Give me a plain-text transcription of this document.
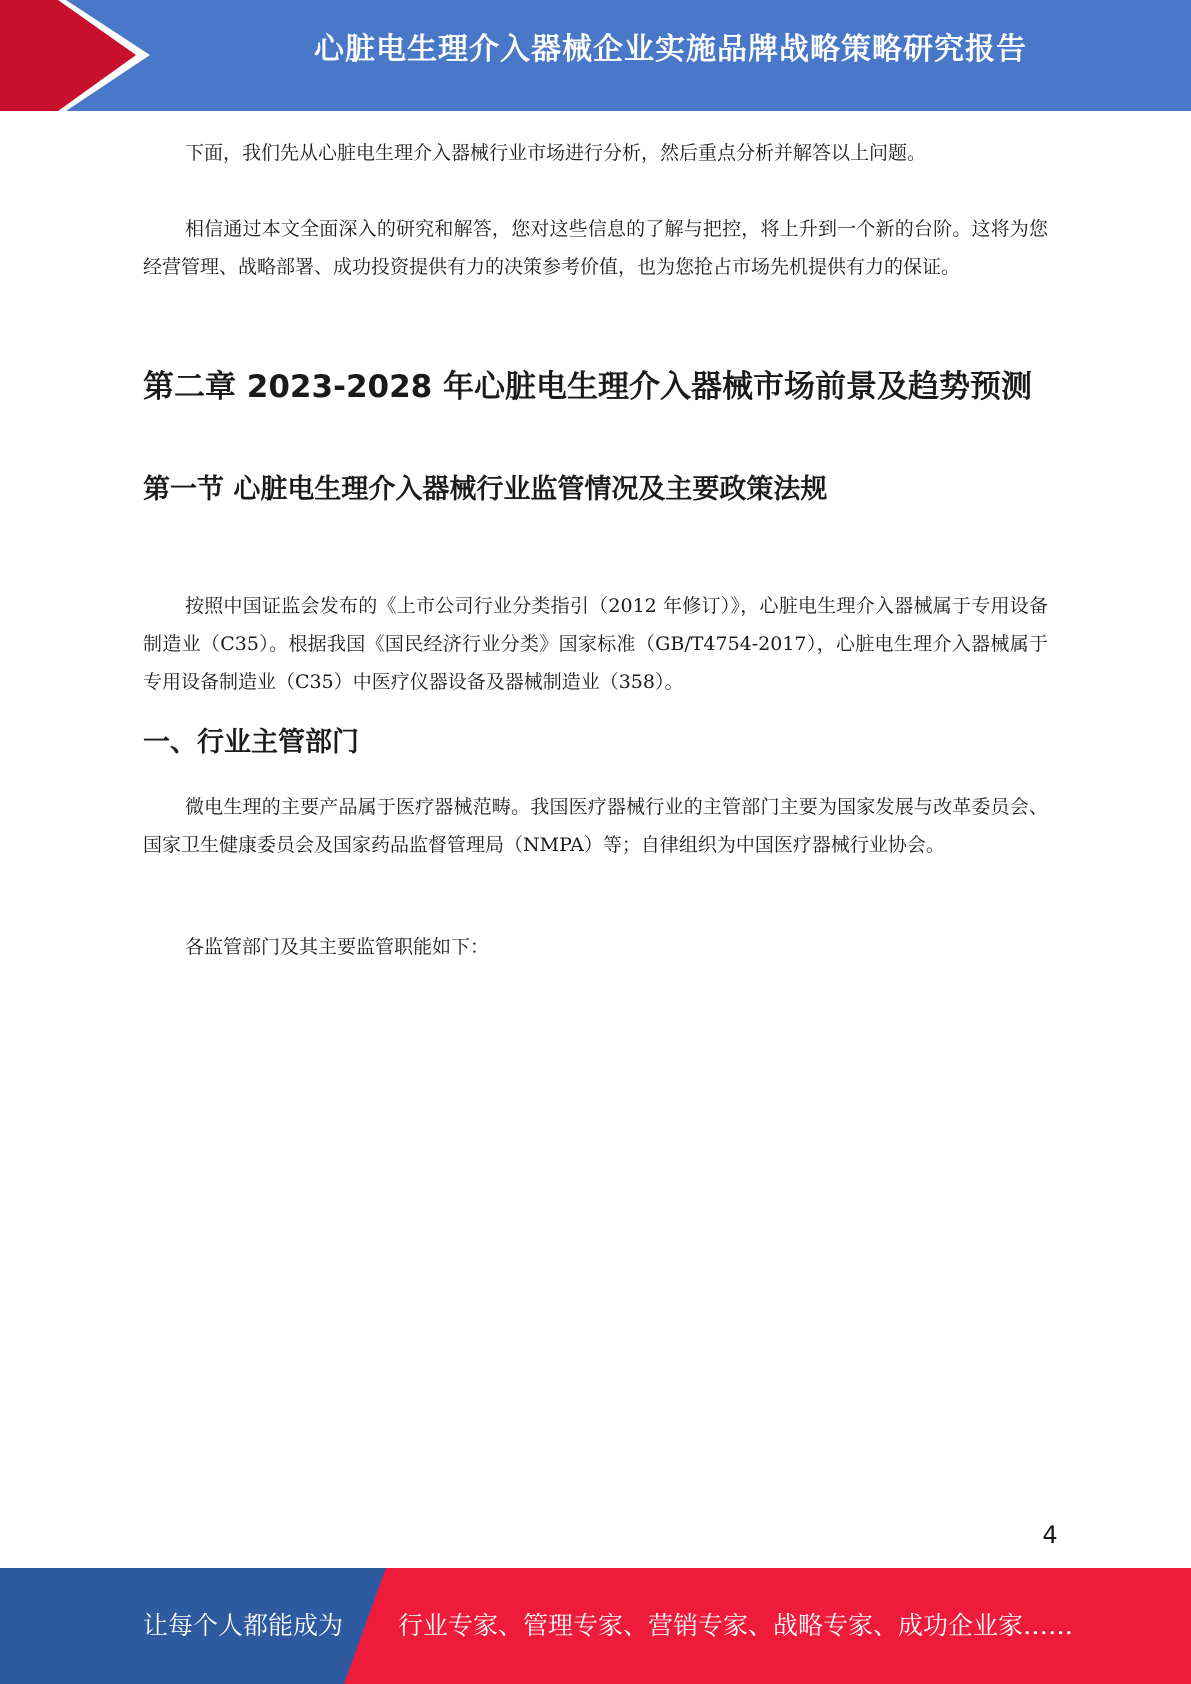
心脏电生理介入器械企业实施品牌战略策略研究报告

下面，我们先从心脏电生理介入器械行业市场进行分析，然后重点分析并解答以上问题。

相信通过本文全面深入的研究和解答，您对这些信息的了解与把控，将上升到一个新的台阶。这将为您经营管理、战略部署、成功投资提供有力的决策参考价值，也为您抢占市场先机提供有力的保证。

第二章 2023-2028 年心脏电生理介入器械市场前景及趋势预测
第一节 心脏电生理介入器械行业监管情况及主要政策法规

按照中国证监会发布的《上市公司行业分类指引（2012 年修订）》，心脏电生理介入器械属于专用设备制造业（C35）。根据我国《国民经济行业分类》国家标准（GB/T4754-2017），心脏电生理介入器械属于专用设备制造业（C35）中医疗仪器设备及器械制造业（358）。

一、行业主管部门

微电生理的主要产品属于医疗器械范畴。我国医疗器械行业的主管部门主要为国家发展与改革委员会、国家卫生健康委员会及国家药品监督管理局（NMPA）等；自律组织为中国医疗器械行业协会。

各监管部门及其主要监管职能如下：

4
让每个人都能成为 行业专家、管理专家、营销专家、战略专家、成功企业家……
